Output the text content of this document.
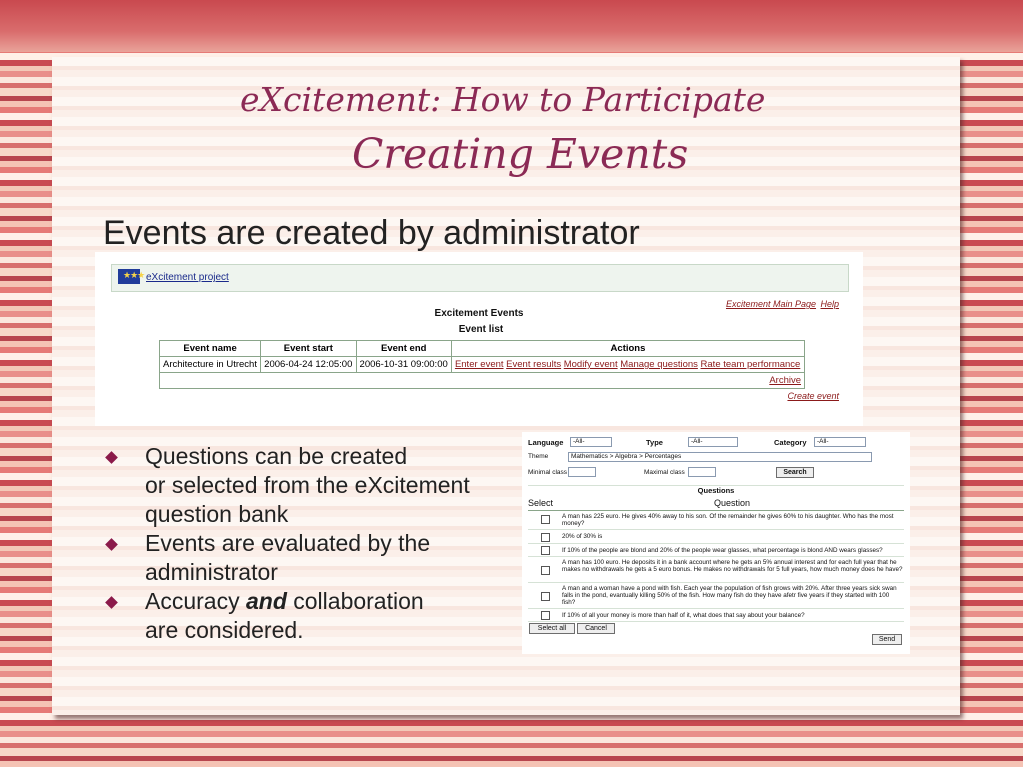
eXcitement: How to Participate
Creating Events
Events are created by administrator
★★★ eXcitement project
Excitement Main Page Help
Excitement Events
Event list
Event name	Event start	Event end	Actions
Architecture in Utrecht	2006-04-24 12:05:00	2006-10-31 09:00:00	Enter event Event results Modify event Manage questions Rate team performance
Archive			
Create event
Questions can be created
or selected from the eXcitement
question bank
Events are evaluated by the
administrator
Accuracy and collaboration
are considered.
Language	-All-	Type	-All-	Category	-All-
Theme	Mathematics > Algebra > Percentages
Minimal class	Maximal class	Search
Questions
Select	Question
A man has 225 euro. He gives 40% away to his son. Of the remainder he gives 60% to his daughter. Who has the most money?
20% of 30% is
If 10% of the people are blond and 20% of the people wear glasses, what percentage is blond AND wears glasses?
A man has 100 euro. He deposits it in a bank account where he gets an 5% annual interest and for each full year that he makes no withdrawals he gets a 5 euro bonus. He makes no withdrawals for 5 full years, how much money does he have?
A man and a woman have a pond with fish. Each year the population of fish grows with 20%. After three years sick swan falls in the pond, evantually killing 50% of the fish. How many fish do they have afetr five years if they started with 100 fish?
If 10% of all your money is more than half of it, what does that say about your balance?
Select all	Cancel
Send
